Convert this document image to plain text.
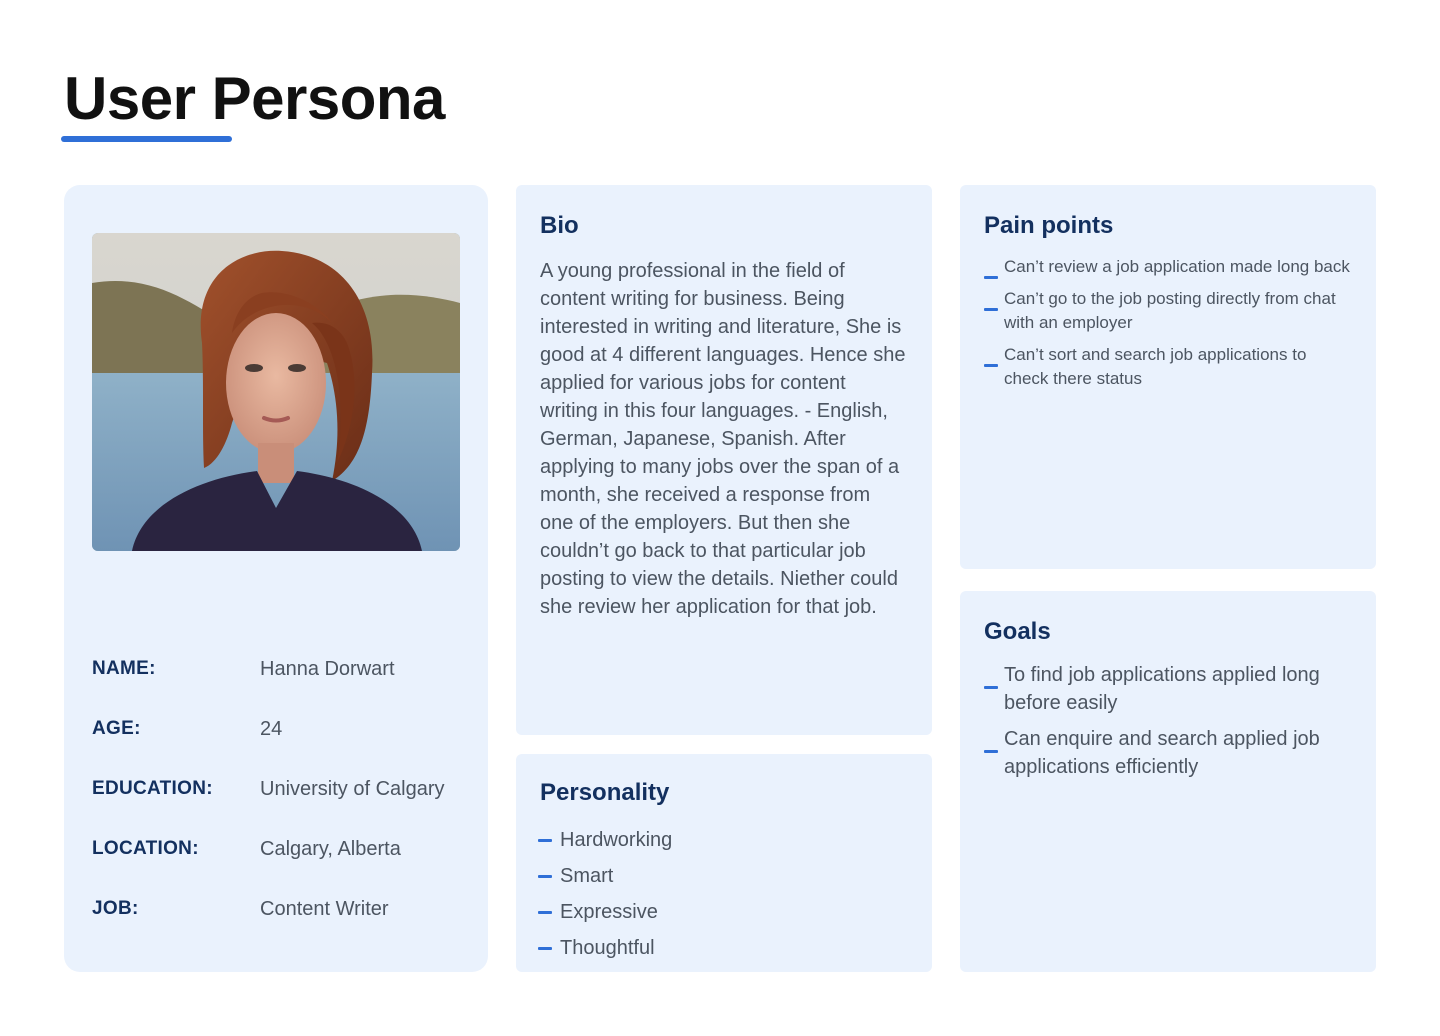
User Persona
NAME:	Hanna Dorwart
AGE:	24
EDUCATION: University of Calgary
LOCATION:	Calgary, Alberta
JOB:	Content Writer
Bio

A young professional in the field of content writing for business. Being interested in writing and literature, She is good at 4 different languages. Hence she applied for various jobs for content writing in this four languages. - English, German, Japanese, Spanish. After applying to many jobs over the span of a month, she received a response from one of the employers. But then she couldn’t go back to that particular job posting to view the details. Niether could she review her application for that job.

Personality
Hardworking
Smart
Expressive
Thoughtful
Pain points
Can’t review a job application made long back
Can’t go to the job posting directly from chat with an employer
Can’t sort and search job applications to check there status
Goals
To find job applications applied long before easily
Can enquire and search applied job applications efficiently
